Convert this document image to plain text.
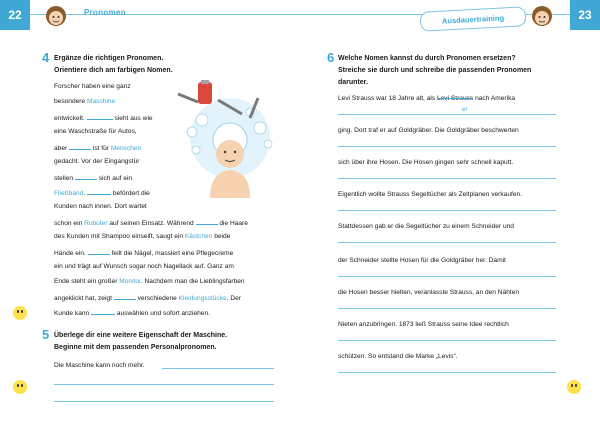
22	23
Pronomen
Ausdauertraining
4 Ergänze die richtigen Pronomen.
Orientiere dich am farbigen Nomen.
Forscher haben eine ganz
besondere Maschine
entwickelt.	sieht aus wie
eine Waschstraße für Autos,
aber	ist für Menschen
gedacht. Vor der Eingangstür
stellen	sich auf ein
Fließband.	befördert die
Kunden nach innen. Dort wartet
schon ein Roboter auf seinen Einsatz. Während	die Haare
des Kunden mit Shampoo einseift, saugt ein Kästchen beide
Hände ein.	feilt die Nägel, massiert eine Pflegecreme
ein und trägt auf Wunsch sogar noch Nagellack auf. Ganz am
Ende steht ein großer Monitor. Nachdem man die Lieblingsfarben
angeklickt hat, zeigt	verschiedene Kleidungsstücke. Der
Kunde kann	auswählen und sofort anziehen.
5 Überlege dir eine weitere Eigenschaft der Maschine.
Beginne mit dem passenden Personalpronomen.
Die Maschine kann noch mehr.
6 Welche Nomen kannst du durch Pronomen ersetzen?
Streiche sie durch und schreibe die passenden Pronomen
darunter.
Levi Strauss war 18 Jahre alt, als Levi Strauss nach Amerika
er
ging. Dort traf er auf Goldgräber. Die Goldgräber beschwerten
sich über ihre Hosen. Die Hosen gingen sehr schnell kaputt.
Eigentlich wollte Strauss Segeltücher als Zeltplanen verkaufen.
Stattdessen gab er die Segeltücher zu einem Schneider und
der Schneider stellte Hosen für die Goldgräber her. Damit
die Hosen besser hielten, veranlasste Strauss, an den Nähten
Nieten anzubringen. 1873 ließ Strauss seine Idee rechtlich
schützen. So entstand die Marke „Levis“.
